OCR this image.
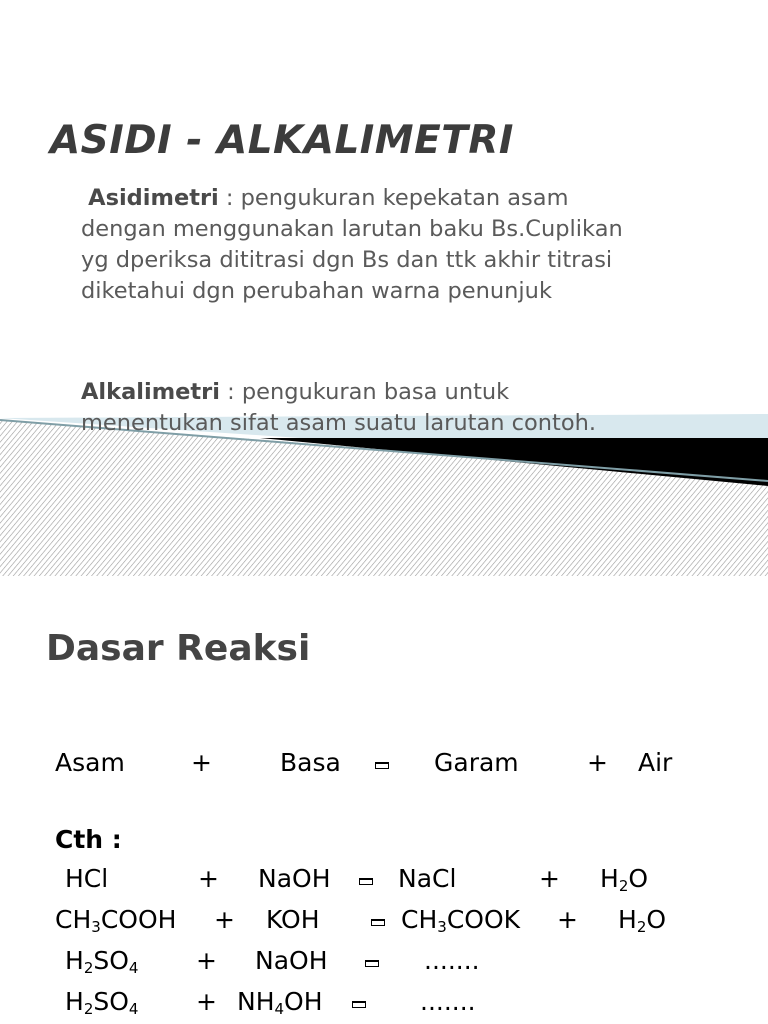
ASIDI - ALKALIMETRI

Asidimetri : pengukuran kepekatan asam dengan menggunakan larutan baku Bs.Cuplikan yg dperiksa dititrasi dgn Bs dan ttk akhir titrasi diketahui dgn perubahan warna penunjuk

Alkalimetri : pengukuran basa untuk menentukan sifat asam suatu larutan contoh.

Dasar Reaksi
Asam	+	Basa	Garam	+ Air
Cth :
HCl	+ NaOH	NaCl	+ $H_2O$
$CH_3COOH$ + KOH	$CH_3COOK + H_2O$
$H_2SO_4$ + NaOH	.......
$H_2SO_4 + NH_4OH$	.......
